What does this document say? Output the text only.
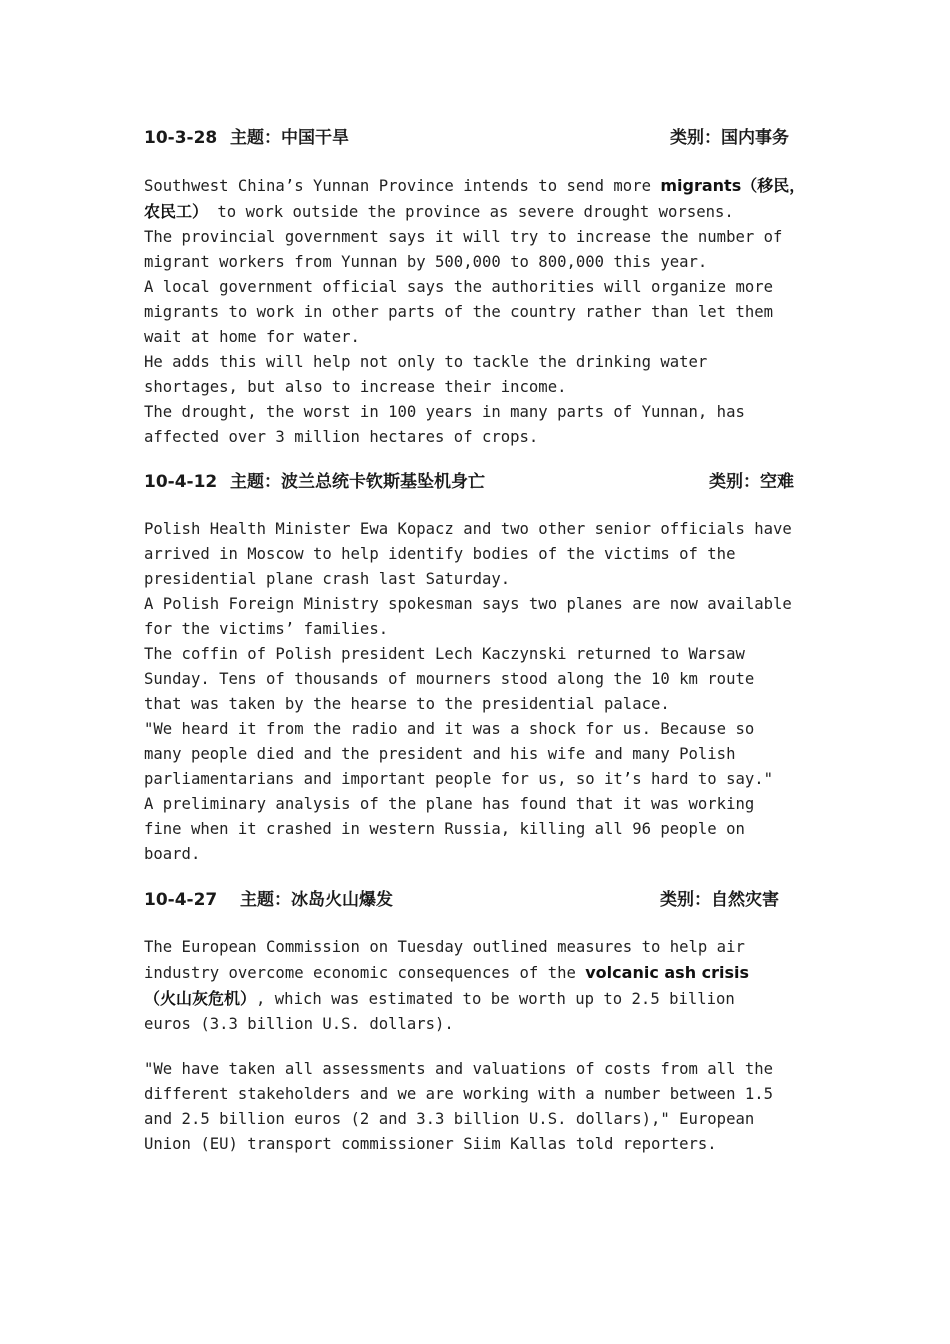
10-3-28 主题：中国干旱	类别：国内事务
Southwest China’s Yunnan Province intends to send more migrants（移民，
农民工） to work outside the province as severe drought worsens.
The provincial government says it will try to increase the number of
migrant workers from Yunnan by 500,000 to 800,000 this year.
A local government official says the authorities will organize more
migrants to work in other parts of the country rather than let them
wait at home for water.
He adds this will help not only to tackle the drinking water
shortages, but also to increase their income.
The drought, the worst in 100 years in many parts of Yunnan, has
affected over 3 million hectares of crops.
10-4-12 主题：波兰总统卡钦斯基坠机身亡	类别：空难
Polish Health Minister Ewa Kopacz and two other senior officials have
arrived in Moscow to help identify bodies of the victims of the
presidential plane crash last Saturday.
A Polish Foreign Ministry spokesman says two planes are now available
for the victims’ families.
The coffin of Polish president Lech Kaczynski returned to Warsaw
Sunday. Tens of thousands of mourners stood along the 10 km route
that was taken by the hearse to the presidential palace.
"We heard it from the radio and it was a shock for us. Because so
many people died and the president and his wife and many Polish
parliamentarians and important people for us, so it’s hard to say."
A preliminary analysis of the plane has found that it was working
fine when it crashed in western Russia, killing all 96 people on
board.
10-4-27 主题：冰岛火山爆发	类别：自然灾害
The European Commission on Tuesday outlined measures to help air
industry overcome economic consequences of the volcanic ash crisis
（火山灰危机）, which was estimated to be worth up to 2.5 billion
euros (3.3 billion U.S. dollars).
"We have taken all assessments and valuations of costs from all the
different stakeholders and we are working with a number between 1.5
and 2.5 billion euros (2 and 3.3 billion U.S. dollars)," European
Union (EU) transport commissioner Siim Kallas told reporters.
